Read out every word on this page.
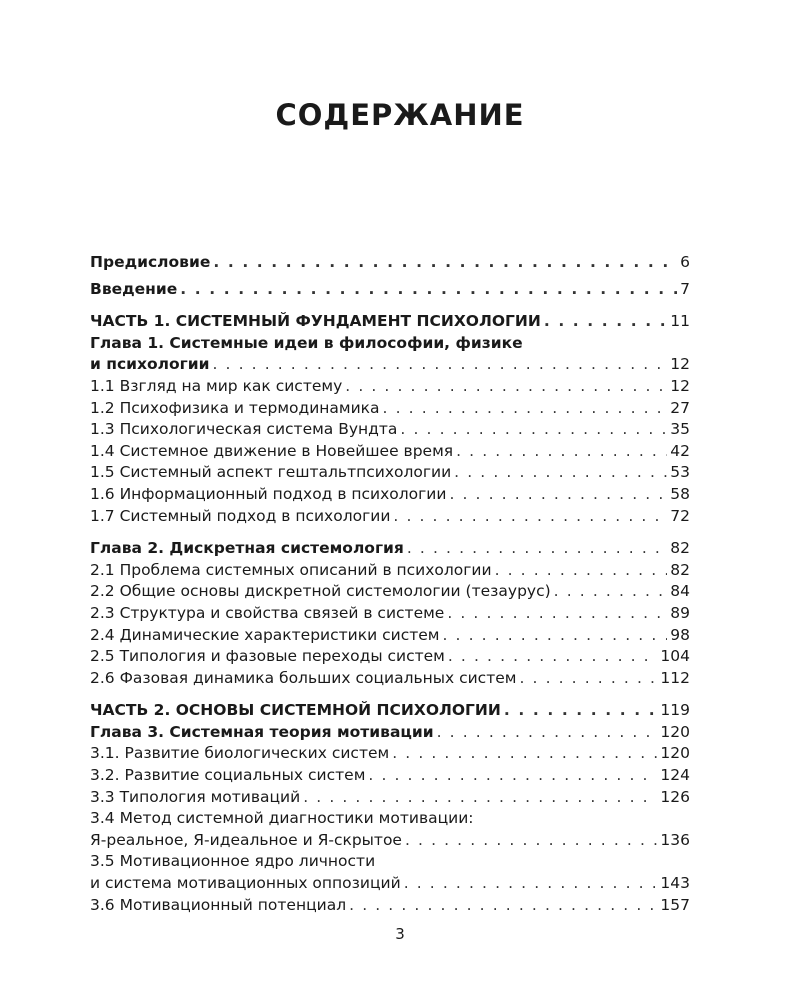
СОДЕРЖАНИЕ
Предисловие . . .	6
Введение . . .	7
ЧАСТЬ 1. СИСТЕМНЫЙ ФУНДАМЕНТ ПСИХОЛОГИИ . . .	11
Глава 1. Системные идеи в философии, физике
и психологии . . .	12
1.1 Взгляд на мир как систему . . .	12
1.2 Психофизика и термодинамика . . .	27
1.3 Психологическая система Вундта . . .	35
1.4 Системное движение в Новейшее время . . .	42
1.5 Системный аспект гештальтпсихологии . . .	53
1.6 Информационный подход в психологии . . .	58
1.7 Системный подход в психологии . . .	72
Глава 2. Дискретная системология . . .	82
2.1 Проблема системных описаний в психологии . . .	82
2.2 Общие основы дискретной системологии (тезаурус) . . .	84
2.3 Структура и свойства связей в системе . . .	89
2.4 Динамические характеристики систем . . .	98
2.5 Типология и фазовые переходы систем . . .	104
2.6 Фазовая динамика больших социальных систем . . .	112
ЧАСТЬ 2. ОСНОВЫ СИСТЕМНОЙ ПСИХОЛОГИИ . . .	119
Глава 3. Системная теория мотивации . . .	120
3.1. Развитие биологических систем . . .	120
3.2. Развитие социальных систем . . .	124
3.3 Типология мотиваций . . .	126
3.4 Метод системной диагностики мотивации:
Я-реальное, Я-идеальное и Я-скрытое . . .	136
3.5 Мотивационное ядро личности
и система мотивационных оппозиций . . .	143
3.6 Мотивационный потенциал . . .	157
3
